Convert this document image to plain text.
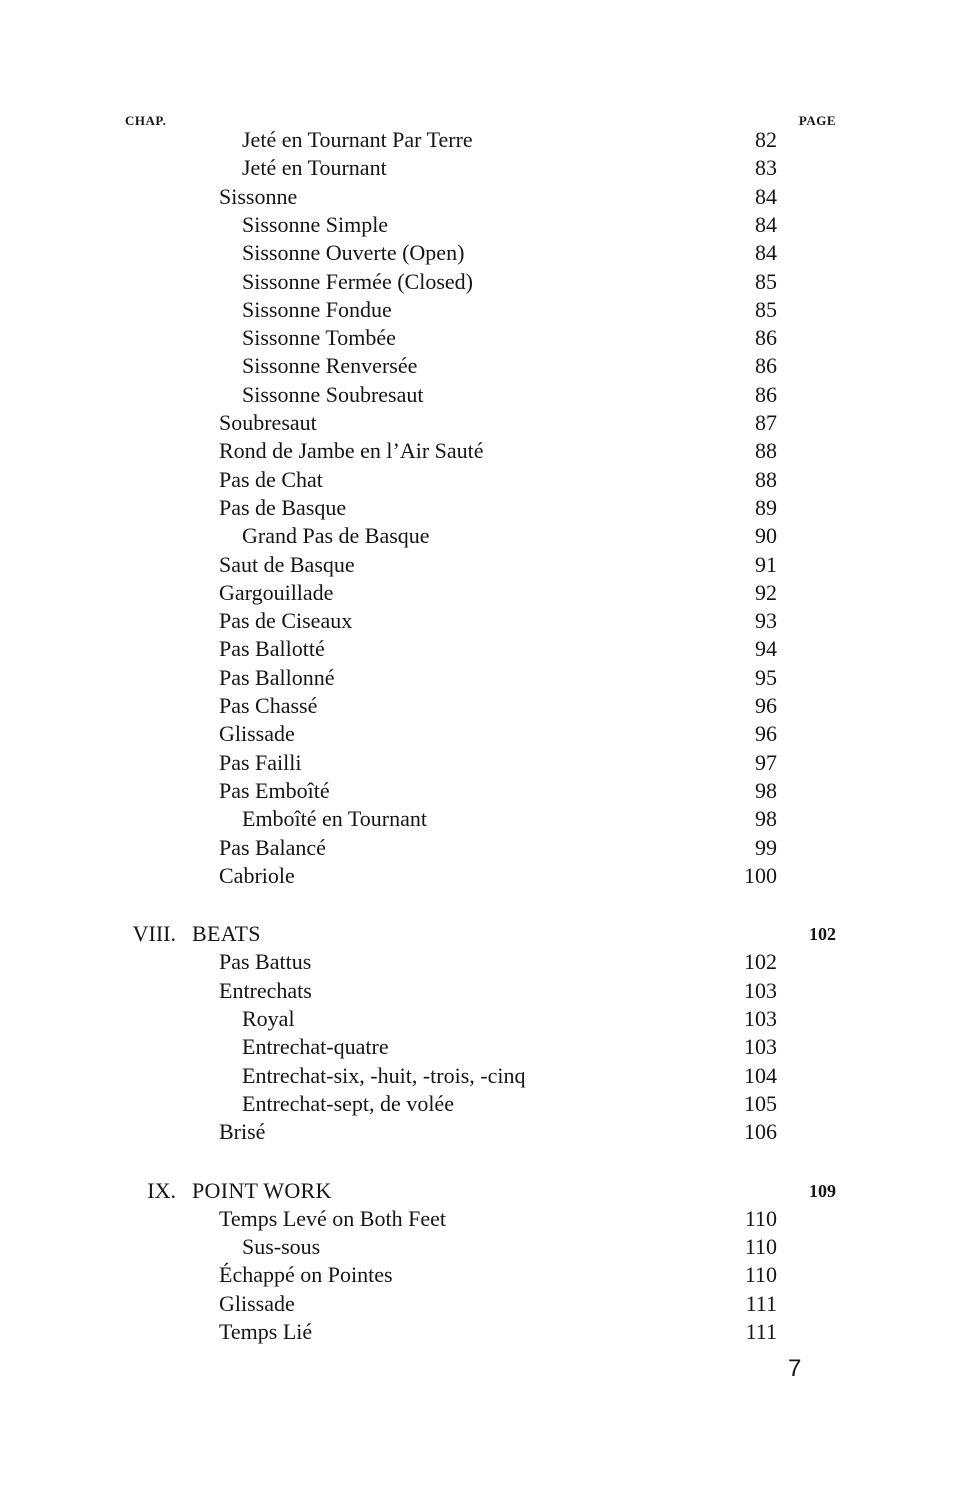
CHAP.	PAGE
Jeté en Tournant Par Terre	82
Jeté en Tournant	83
Sissonne	84
Sissonne Simple	84
Sissonne Ouverte (Open)	84
Sissonne Fermée (Closed)	85
Sissonne Fondue	85
Sissonne Tombée	86
Sissonne Renversée	86
Sissonne Soubresaut	86
Soubresaut	87
Rond de Jambe en l’Air Sauté	88
Pas de Chat	88
Pas de Basque	89
Grand Pas de Basque	90
Saut de Basque	91
Gargouillade	92
Pas de Ciseaux	93
Pas Ballotté	94
Pas Ballonné	95
Pas Chassé	96
Glissade	96
Pas Failli	97
Pas Emboîté	98
Emboîté en Tournant	98
Pas Balancé	99
Cabriole	100
VIII. BEATS	102
Pas Battus	102
Entrechats	103
Royal	103
Entrechat-quatre	103
Entrechat-six, -huit, -trois, -cinq	104
Entrechat-sept, de volée	105
Brisé	106
IX. POINT WORK	109
Temps Levé on Both Feet	110
Sus-sous	110
Échappé on Pointes	110
Glissade	111
Temps Lié	111
7
